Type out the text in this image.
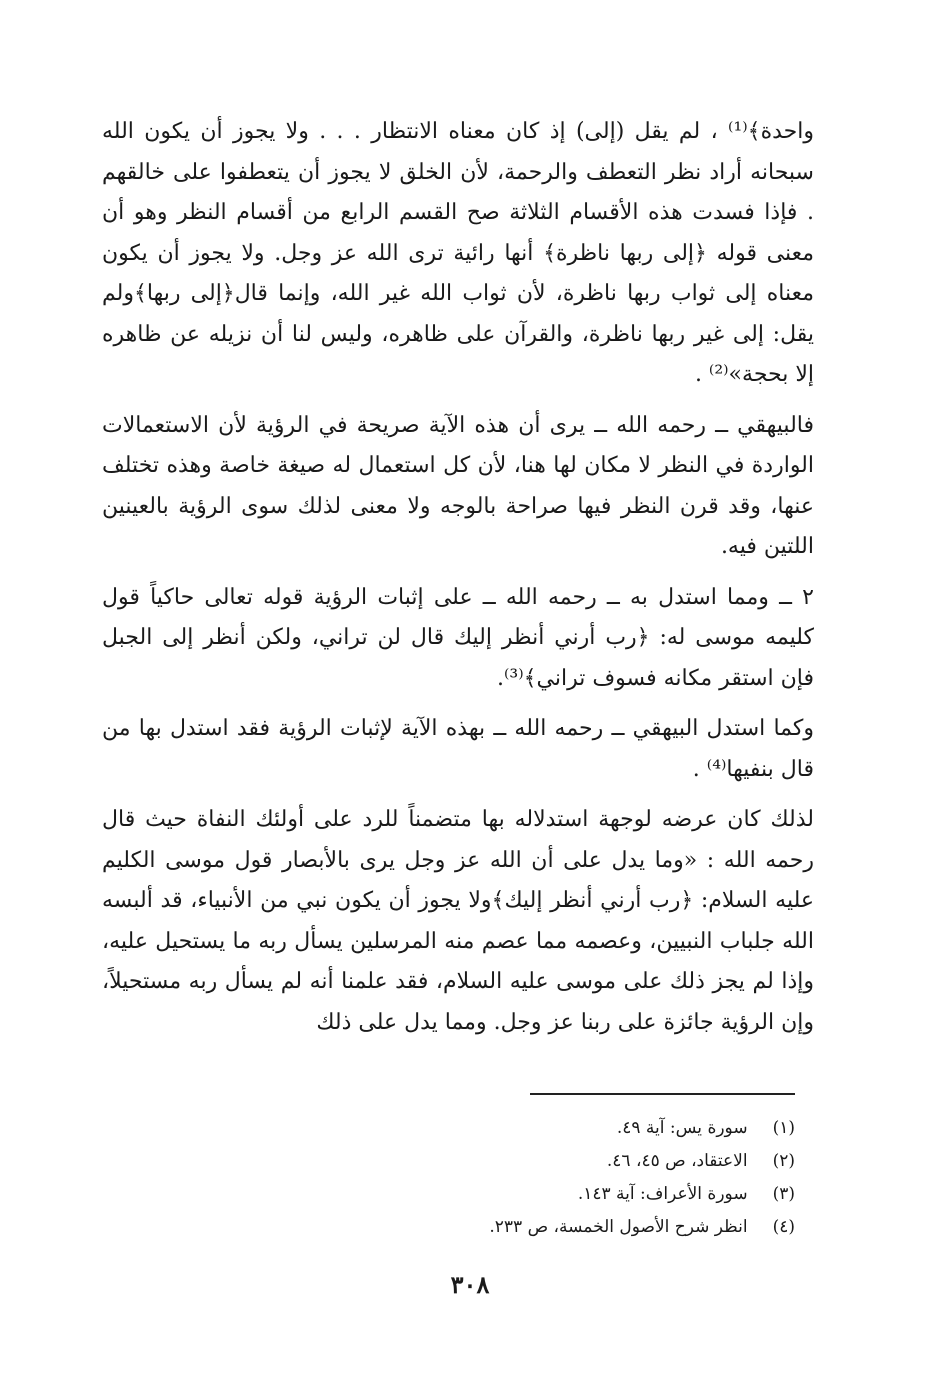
واحدة﴾⁽¹⁾ ، لم يقل (إلى) إذ كان معناه الانتظار . . . ولا يجوز أن يكون الله سبحانه أراد نظر التعطف والرحمة، لأن الخلق لا يجوز أن يتعطفوا على خالقهم . فإذا فسدت هذه الأقسام الثلاثة صح القسم الرابع من أقسام النظر وهو أن معنى قوله ﴿إلى ربها ناظرة﴾ أنها رائية ترى الله عز وجل. ولا يجوز أن يكون معناه إلى ثواب ربها ناظرة، لأن ثواب الله غير الله، وإنما قال﴿إلى ربها﴾ولم يقل: إلى غير ربها ناظرة، والقرآن على ظاهره، وليس لنا أن نزيله عن ظاهره إلا بحجة»⁽²⁾ .

فالبيهقي ــ رحمه الله ــ يرى أن هذه الآية صريحة في الرؤية لأن الاستعمالات الواردة في النظر لا مكان لها هنا، لأن كل استعمال له صيغة خاصة وهذه تختلف عنها، وقد قرن النظر فيها صراحة بالوجه ولا معنى لذلك سوى الرؤية بالعينين اللتين فيه.

٢ ــ ومما استدل به ــ رحمه الله ــ على إثبات الرؤية قوله تعالى حاكياً قول كليمه موسى له: ﴿رب أرني أنظر إليك قال لن تراني، ولكن أنظر إلى الجبل فإن استقر مكانه فسوف تراني﴾⁽³⁾.

وكما استدل البيهقي ــ رحمه الله ــ بهذه الآية لإثبات الرؤية فقد استدل بها من قال بنفيها⁽⁴⁾ .

لذلك كان عرضه لوجهة استدلاله بها متضمناً للرد على أولئك النفاة حيث قال رحمه الله : «وما يدل على أن الله عز وجل يرى بالأبصار قول موسى الكليم عليه السلام: ﴿رب أرني أنظر إليك﴾ولا يجوز أن يكون نبي من الأنبياء، قد ألبسه الله جلباب النبيين، وعصمه مما عصم منه المرسلين يسأل ربه ما يستحيل عليه، وإذا لم يجز ذلك على موسى عليه السلام، فقد علمنا أنه لم يسأل ربه مستحيلاً، وإن الرؤية جائزة على ربنا عز وجل. ومما يدل على ذلك

(١) سورة يس: آية ٤٩.
(٢) الاعتقاد، ص ٤٥، ٤٦.
(٣) سورة الأعراف: آية ١٤٣.
(٤) انظر شرح الأصول الخمسة، ص ٢٣٣.
٣٠٨
